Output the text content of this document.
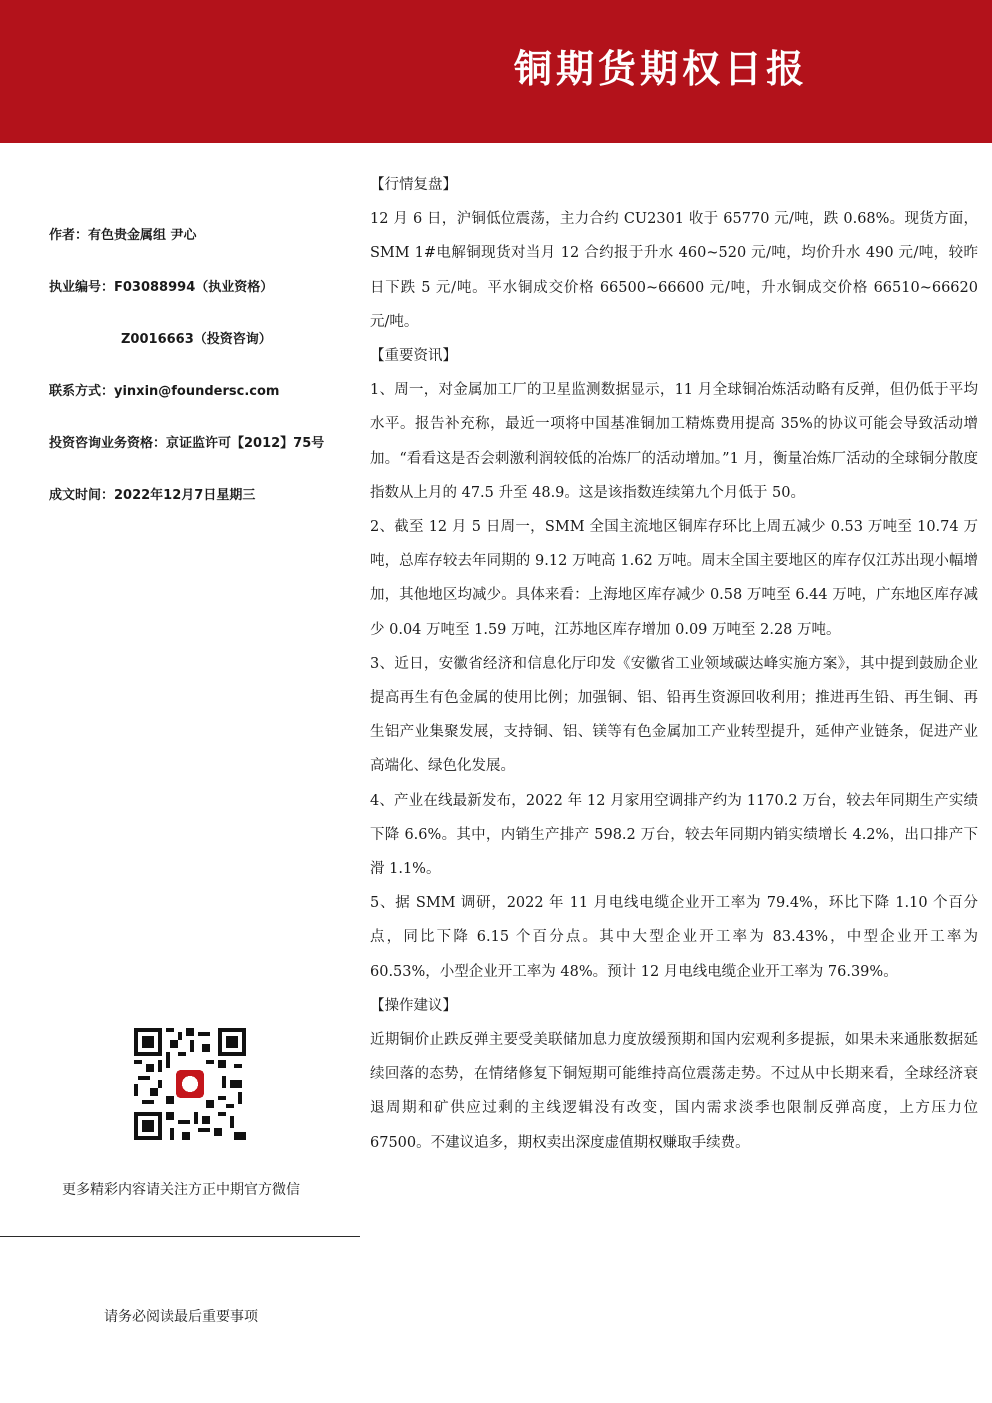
铜期货期权日报
作者：有色贵金属组 尹心
执业编号：F03088994（执业资格）
Z0016663（投资咨询）
联系方式：yinxin@foundersc.com
投资咨询业务资格：京证监许可【2012】75号
成文时间：2022年12月7日星期三
更多精彩内容请关注方正中期官方微信
请务必阅读最后重要事项

【行情复盘】

12 月 6 日，沪铜低位震荡，主力合约 CU2301 收于 65770 元/吨，跌 0.68%。现货方面，SMM 1#电解铜现货对当月 12 合约报于升水 460~520 元/吨，均价升水 490 元/吨，较昨日下跌 5 元/吨。平水铜成交价格 66500~66600 元/吨，升水铜成交价格 66510~66620 元/吨。

【重要资讯】

1、周一，对金属加工厂的卫星监测数据显示，11 月全球铜冶炼活动略有反弹，但仍低于平均水平。报告补充称，最近一项将中国基准铜加工精炼费用提高 35%的协议可能会导致活动增加。“看看这是否会刺激利润较低的冶炼厂的活动增加。”1 月，衡量冶炼厂活动的全球铜分散度指数从上月的 47.5 升至 48.9。这是该指数连续第九个月低于 50。

2、截至 12 月 5 日周一，SMM 全国主流地区铜库存环比上周五减少 0.53 万吨至 10.74 万吨，总库存较去年同期的 9.12 万吨高 1.62 万吨。周末全国主要地区的库存仅江苏出现小幅增加，其他地区均减少。具体来看：上海地区库存减少 0.58 万吨至 6.44 万吨，广东地区库存减少 0.04 万吨至 1.59 万吨，江苏地区库存增加 0.09 万吨至 2.28 万吨。

3、近日，安徽省经济和信息化厅印发《安徽省工业领域碳达峰实施方案》，其中提到鼓励企业提高再生有色金属的使用比例；加强铜、铝、铅再生资源回收利用；推进再生铅、再生铜、再生铝产业集聚发展，支持铜、铝、镁等有色金属加工产业转型提升，延伸产业链条，促进产业高端化、绿色化发展。

4、产业在线最新发布，2022 年 12 月家用空调排产约为 1170.2 万台，较去年同期生产实绩下降 6.6%。其中，内销生产排产 598.2 万台，较去年同期内销实绩增长 4.2%，出口排产下滑 1.1%。

5、据 SMM 调研，2022 年 11 月电线电缆企业开工率为 79.4%，环比下降 1.10 个百分点，同比下降 6.15 个百分点。其中大型企业开工率为 83.43%，中型企业开工率为 60.53%，小型企业开工率为 48%。预计 12 月电线电缆企业开工率为 76.39%。

【操作建议】

近期铜价止跌反弹主要受美联储加息力度放缓预期和国内宏观利多提振，如果未来通胀数据延续回落的态势，在情绪修复下铜短期可能维持高位震荡走势。不过从中长期来看，全球经济衰退周期和矿供应过剩的主线逻辑没有改变，国内需求淡季也限制反弹高度，上方压力位 67500。不建议追多，期权卖出深度虚值期权赚取手续费。
